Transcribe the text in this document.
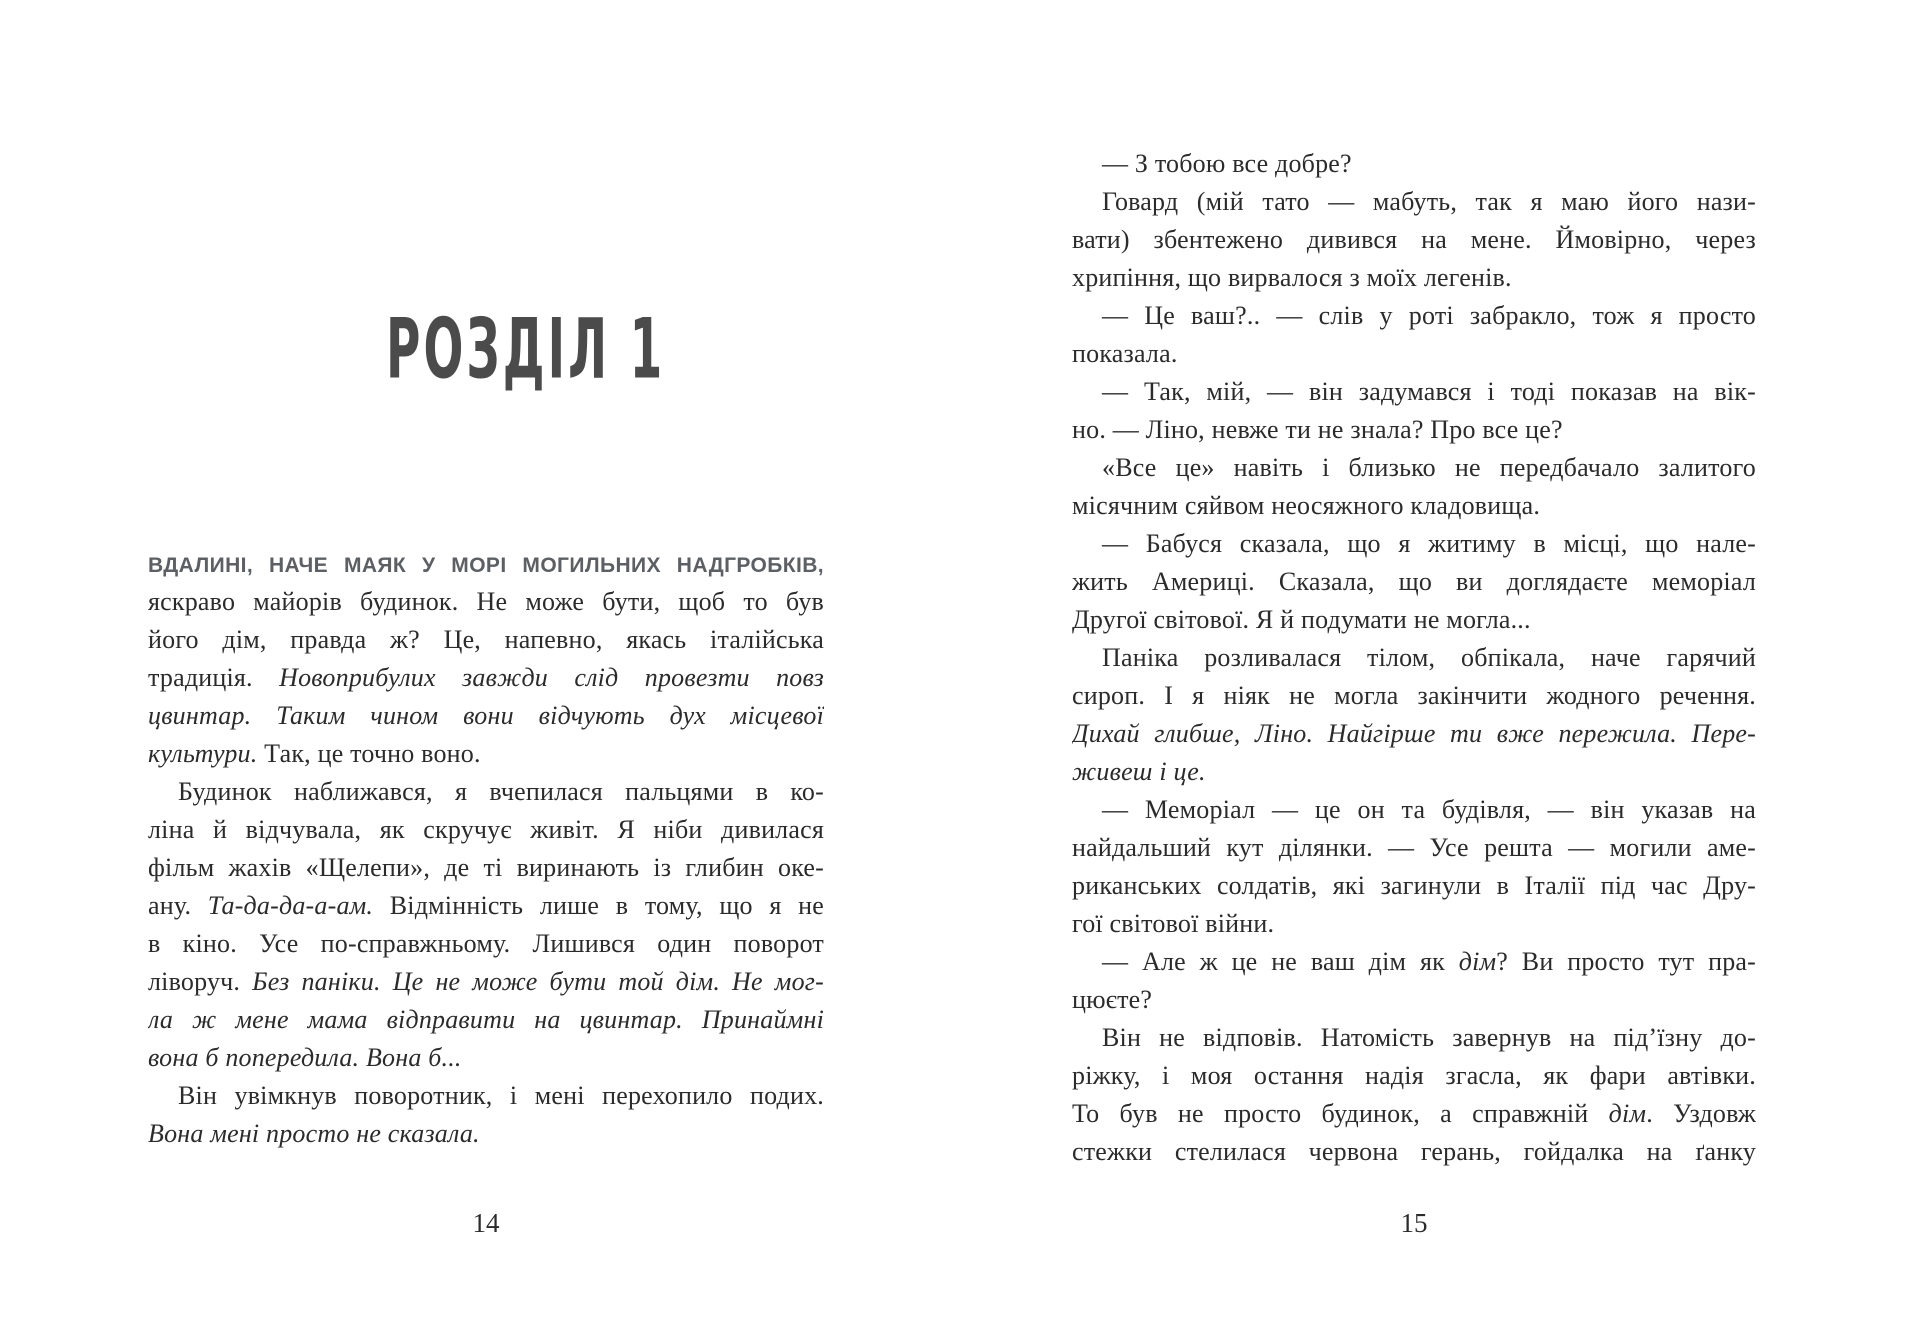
РОЗДІЛ 1
ВДАЛИНІ, НАЧЕ МАЯК У МОРІ МОГИЛЬНИХ НАДГРОБКІВ,
яскраво майорів будинок. Не може бути, щоб то був
його дім, правда ж? Це, напевно, якась італійська
традиція. Новоприбулих завжди слід провезти повз
цвинтар. Таким чином вони відчують дух місцевої
культури. Так, це точно воно.
Будинок наближався, я вчепилася пальцями в ко-
ліна й відчувала, як скручує живіт. Я ніби дивилася
фільм жахів «Щелепи», де ті виринають із глибин оке-
ану. Та-да-да-а-ам. Відмінність лише в тому, що я не
в кіно. Усе по-справжньому. Лишився один поворот
ліворуч. Без паніки. Це не може бути той дім. Не мог-
ла ж мене мама відправити на цвинтар. Принаймні
вона б попередила. Вона б...
Він увімкнув поворотник, і мені перехопило подих.
Вона мені просто не сказала.
14
— З тобою все добре?
Говард (мій тато — мабуть, так я маю його нази-
вати) збентежено дивився на мене. Ймовірно, через
хрипіння, що вирвалося з моїх легенів.
— Це ваш?.. — слів у роті забракло, тож я просто
показала.
— Так, мій, — він задумався і тоді показав на вік-
но. — Ліно, невже ти не знала? Про все це?
«Все це» навіть і близько не передбачало залитого
місячним сяйвом неосяжного кладовища.
— Бабуся сказала, що я житиму в місці, що нале-
жить Америці. Сказала, що ви доглядаєте меморіал
Другої світової. Я й подумати не могла...
Паніка розливалася тілом, обпікала, наче гарячий
сироп. І я ніяк не могла закінчити жодного речення.
Дихай глибше, Ліно. Найгірше ти вже пережила. Пере-
живеш і це.
— Меморіал — це он та будівля, — він указав на
найдальший кут ділянки. — Усе решта — могили аме-
риканських солдатів, які загинули в Італії під час Дру-
гої світової війни.
— Але ж це не ваш дім як дім? Ви просто тут пра-
цюєте?
Він не відповів. Натомість завернув на під’їзну до-
ріжку, і моя остання надія згасла, як фари автівки.
То був не просто будинок, а справжній дім. Уздовж
стежки стелилася червона герань, гойдалка на ґанку
15
